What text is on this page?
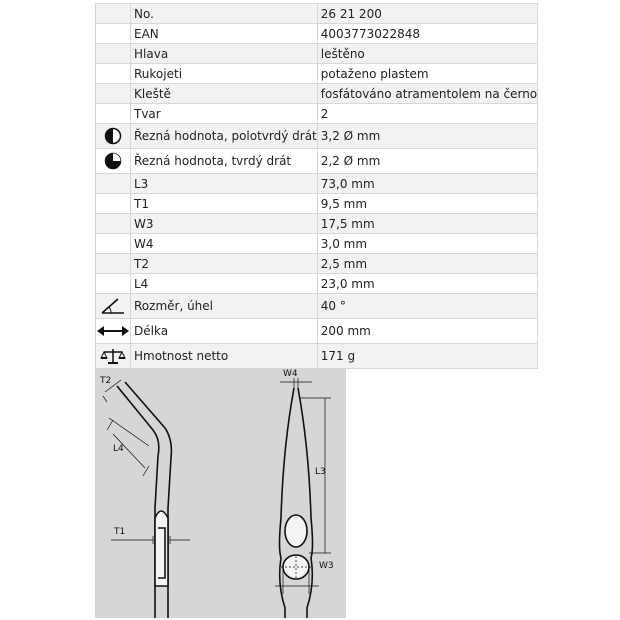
	No.	26 21 200
	EAN	4003773022848
	Hlava	leštěno
	Rukojeti	potaženo plastem
	Kleště	fosfátováno atramentolem na černo
	Tvar	2

	Řezná hodnota, polotvrdý drát	3,2 Ø mm

	Řezná hodnota, tvrdý drát	2,2 Ø mm
	L3	73,0 mm
	T1	9,5 mm
	W3	17,5 mm
	W4	3,0 mm
	T2	2,5 mm
	L4	23,0 mm

	Rozměr, úhel	40 °

	Délka	200 mm

	Hmotnost netto	171 g
T2
L4
T1
W4
L3
W3
